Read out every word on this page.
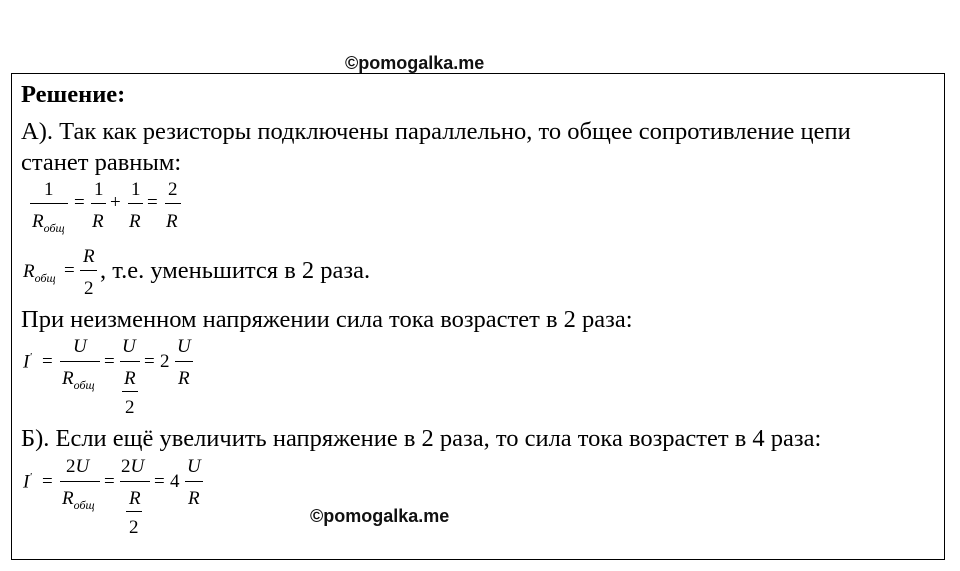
©pomogalka.me
Решение:
А). Так как резисторы подключены параллельно, то общее сопротивление цепи
станет равным:
1
$R_{общ}$
=
1
R
+
1
R
=
2
R
$R_{общ}$ =
R
2
, т.е. уменьшится в 2 раза.
При неизменном напряжении сила тока возрастет в 2 раза:
I' =
U
$R_{общ}$
=
U
R
2
= 2
U
R
Б). Если ещё увеличить напряжение в 2 раза, то сила тока возрастет в 4 раза:
I' =
2U
$R_{общ}$
=
2U
R
2
= 4
U
R
©pomogalka.me
